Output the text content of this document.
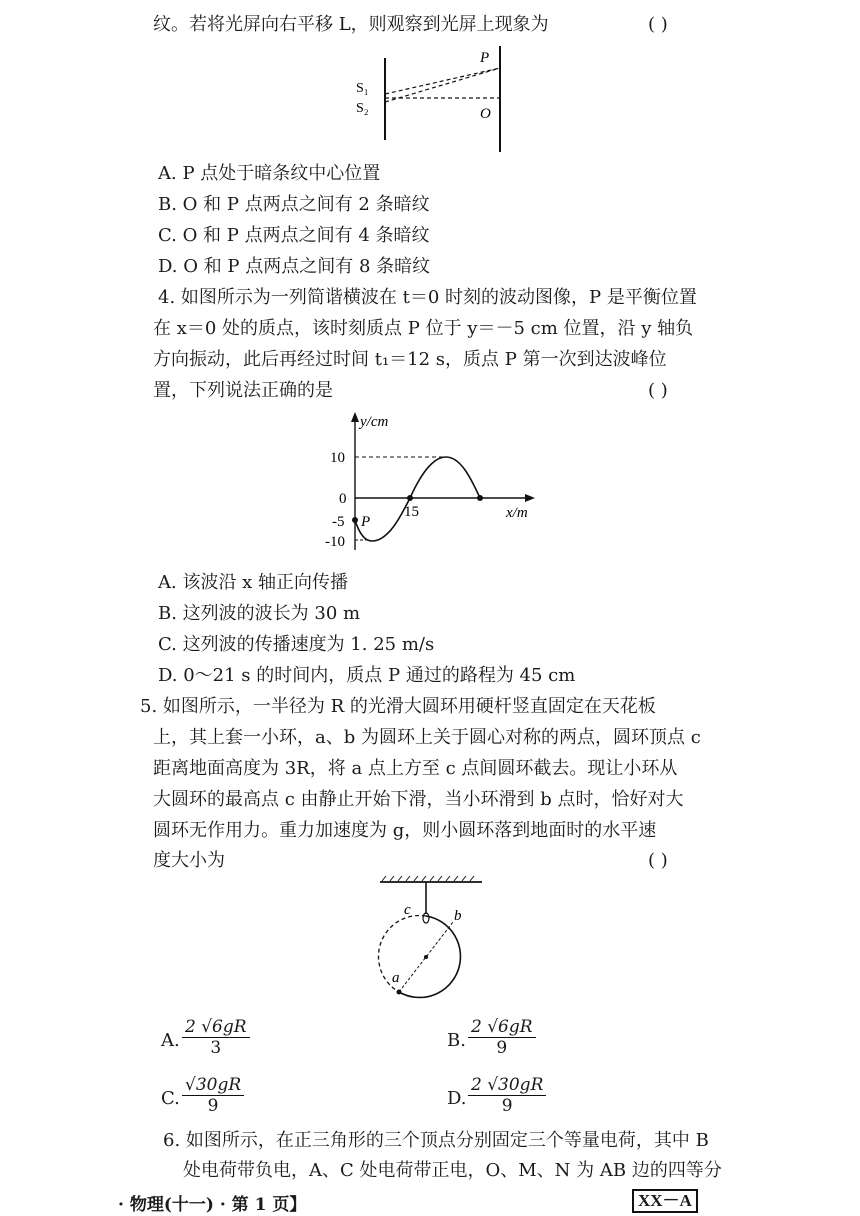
纹。若将光屏向右平移 L，则观察到光屏上现象为	( )
P
S₁
S₂	O
A. P 点处于暗条纹中心位置
B. O 和 P 点两点之间有 2 条暗纹
C. O 和 P 点两点之间有 4 条暗纹
D. O 和 P 点两点之间有 8 条暗纹
4. 如图所示为一列简谐横波在 t＝0 时刻的波动图像，P 是平衡位置
在 x＝0 处的质点，该时刻质点 P 位于 y＝－5 cm 位置，沿 y 轴负
方向振动，此后再经过时间 t₁＝12 s，质点 P 第一次到达波峰位
置，下列说法正确的是	( )
y/cm
x/m
10
0
-5
-10
15
P
A. 该波沿 x 轴正向传播
B. 这列波的波长为 30 m
C. 这列波的传播速度为 1. 25 m/s
D. 0～21 s 的时间内，质点 P 通过的路程为 45 cm
5. 如图所示，一半径为 R 的光滑大圆环用硬杆竖直固定在天花板
上，其上套一小环，a、b 为圆环上关于圆心对称的两点，圆环顶点 c
距离地面高度为 3R，将 a 点上方至 c 点间圆环截去。现让小环从
大圆环的最高点 c 由静止开始下滑，当小环滑到 b 点时，恰好对大
圆环无作用力。重力加速度为 g，则小圆环落到地面时的水平速
度大小为	( )
c	b
a
A. $\frac{2 √6gR}{3}$	B. $\frac{2 √6gR}{9}$
C. $\frac{√30gR}{9}$	D. $\frac{2 √30gR}{9}$
6. 如图所示，在正三角形的三个顶点分别固定三个等量电荷，其中 B
处电荷带负电，A、C 处电荷带正电，O、M、N 为 AB 边的四等分
· 物理(十一) · 第 1 页】	XX－A
